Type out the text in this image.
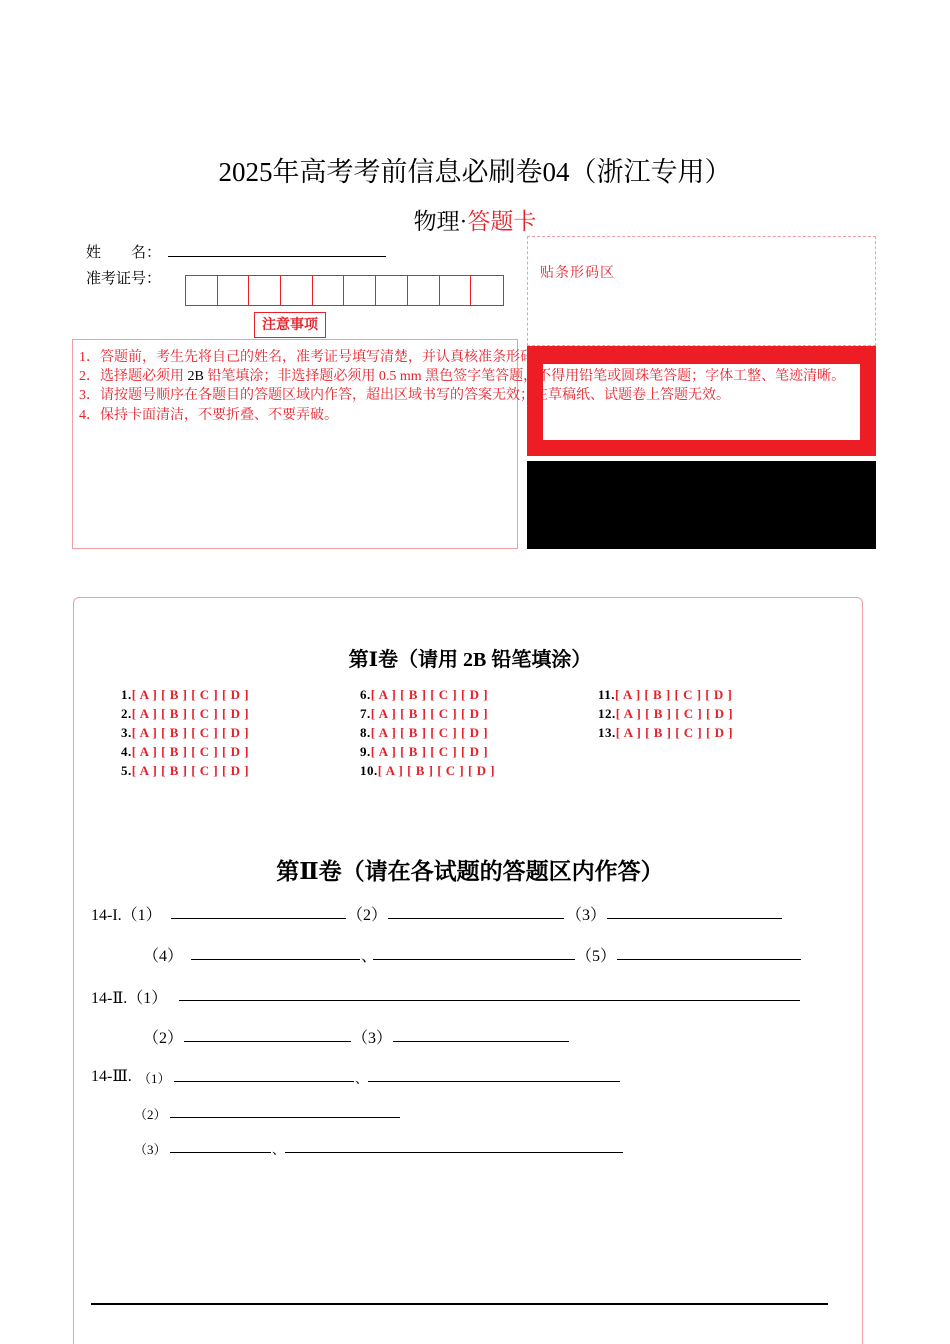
2025年高考考前信息必刷卷04（浙江专用）
物理·答题卡
姓　　名：
准考证号：
注意事项
贴条形码区
1．答题前，考生先将自己的姓名，准考证号填写清楚，并认真核准条形码上的姓名、准考证号，在规定位置贴好条形码。
2．选择题必须用 2B 铅笔填涂；非选择题必须用 0.5 mm 黑色签字笔答题，不得用铅笔或圆珠笔答题；字体工整、笔迹清晰。
3．请按题号顺序在各题目的答题区域内作答，超出区域书写的答案无效；在草稿纸、试题卷上答题无效。
4．保持卡面清洁，不要折叠、不要弄破。
第Ⅰ卷（请用 2B 铅笔填涂）
1.[ A ] [ B ] [ C ] [ D ]
2.[ A ] [ B ] [ C ] [ D ]
3.[ A ] [ B ] [ C ] [ D ]
4.[ A ] [ B ] [ C ] [ D ]
5.[ A ] [ B ] [ C ] [ D ]
6.[ A ] [ B ] [ C ] [ D ]
7.[ A ] [ B ] [ C ] [ D ]
8.[ A ] [ B ] [ C ] [ D ]
9.[ A ] [ B ] [ C ] [ D ]
10.[ A ] [ B ] [ C ] [ D ]
11.[ A ] [ B ] [ C ] [ D ]
12.[ A ] [ B ] [ C ] [ D ]
13.[ A ] [ B ] [ C ] [ D ]
第Ⅱ卷（请在各试题的答题区内作答）
14-I.（1）	（2）	（3）
（4）	、	（5）
14-Ⅱ.（1）
（2）	（3）
14-Ⅲ. （1）	、
（2）
（3）	、
